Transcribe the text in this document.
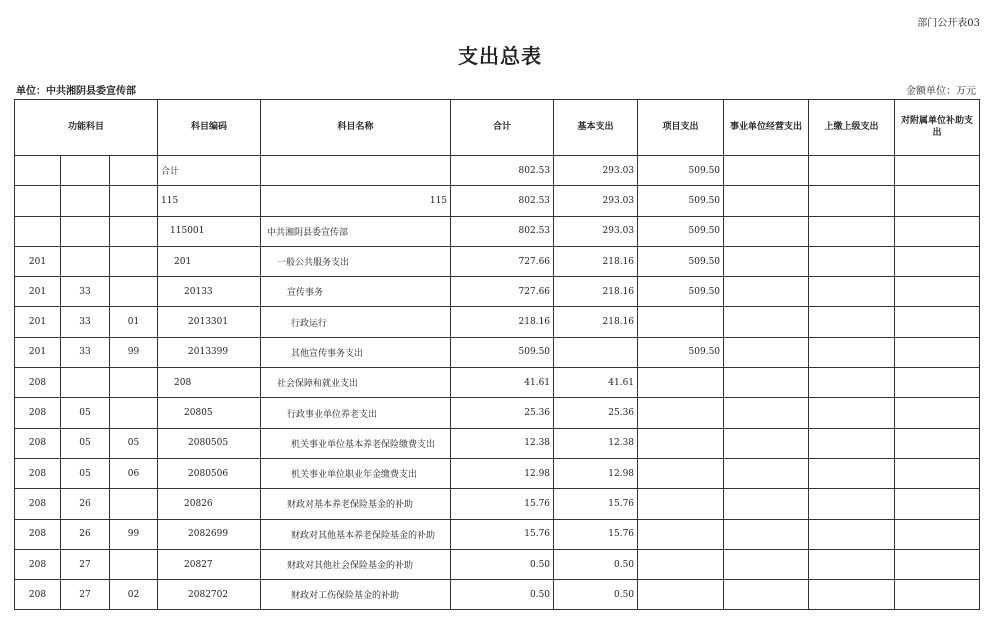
部门公开表03
支出总表
单位：中共湘阴县委宣传部	金额单位：万元
功能科目			科目编码	科目名称	合计	基本支出	项目支出	事业单位经营支出	上缴上级支出	对附属单位补助支出
			合计		802.53	293.03	509.50			
			115	115	802.53	293.03	509.50			
			115001	中共湘阴县委宣传部	802.53	293.03	509.50			
201			201	一般公共服务支出	727.66	218.16	509.50			
201	33		20133	宣传事务	727.66	218.16	509.50			
201	33	01	2013301	行政运行	218.16	218.16				
201	33	99	2013399	其他宣传事务支出	509.50		509.50			
208			208	社会保障和就业支出	41.61	41.61				
208	05		20805	行政事业单位养老支出	25.36	25.36				
208	05	05	2080505	机关事业单位基本养老保险缴费支出	12.38	12.38				
208	05	06	2080506	机关事业单位职业年金缴费支出	12.98	12.98				
208	26		20826	财政对基本养老保险基金的补助	15.76	15.76				
208	26	99	2082699	财政对其他基本养老保险基金的补助	15.76	15.76				
208	27		20827	财政对其他社会保险基金的补助	0.50	0.50				
208	27	02	2082702	财政对工伤保险基金的补助	0.50	0.50				
